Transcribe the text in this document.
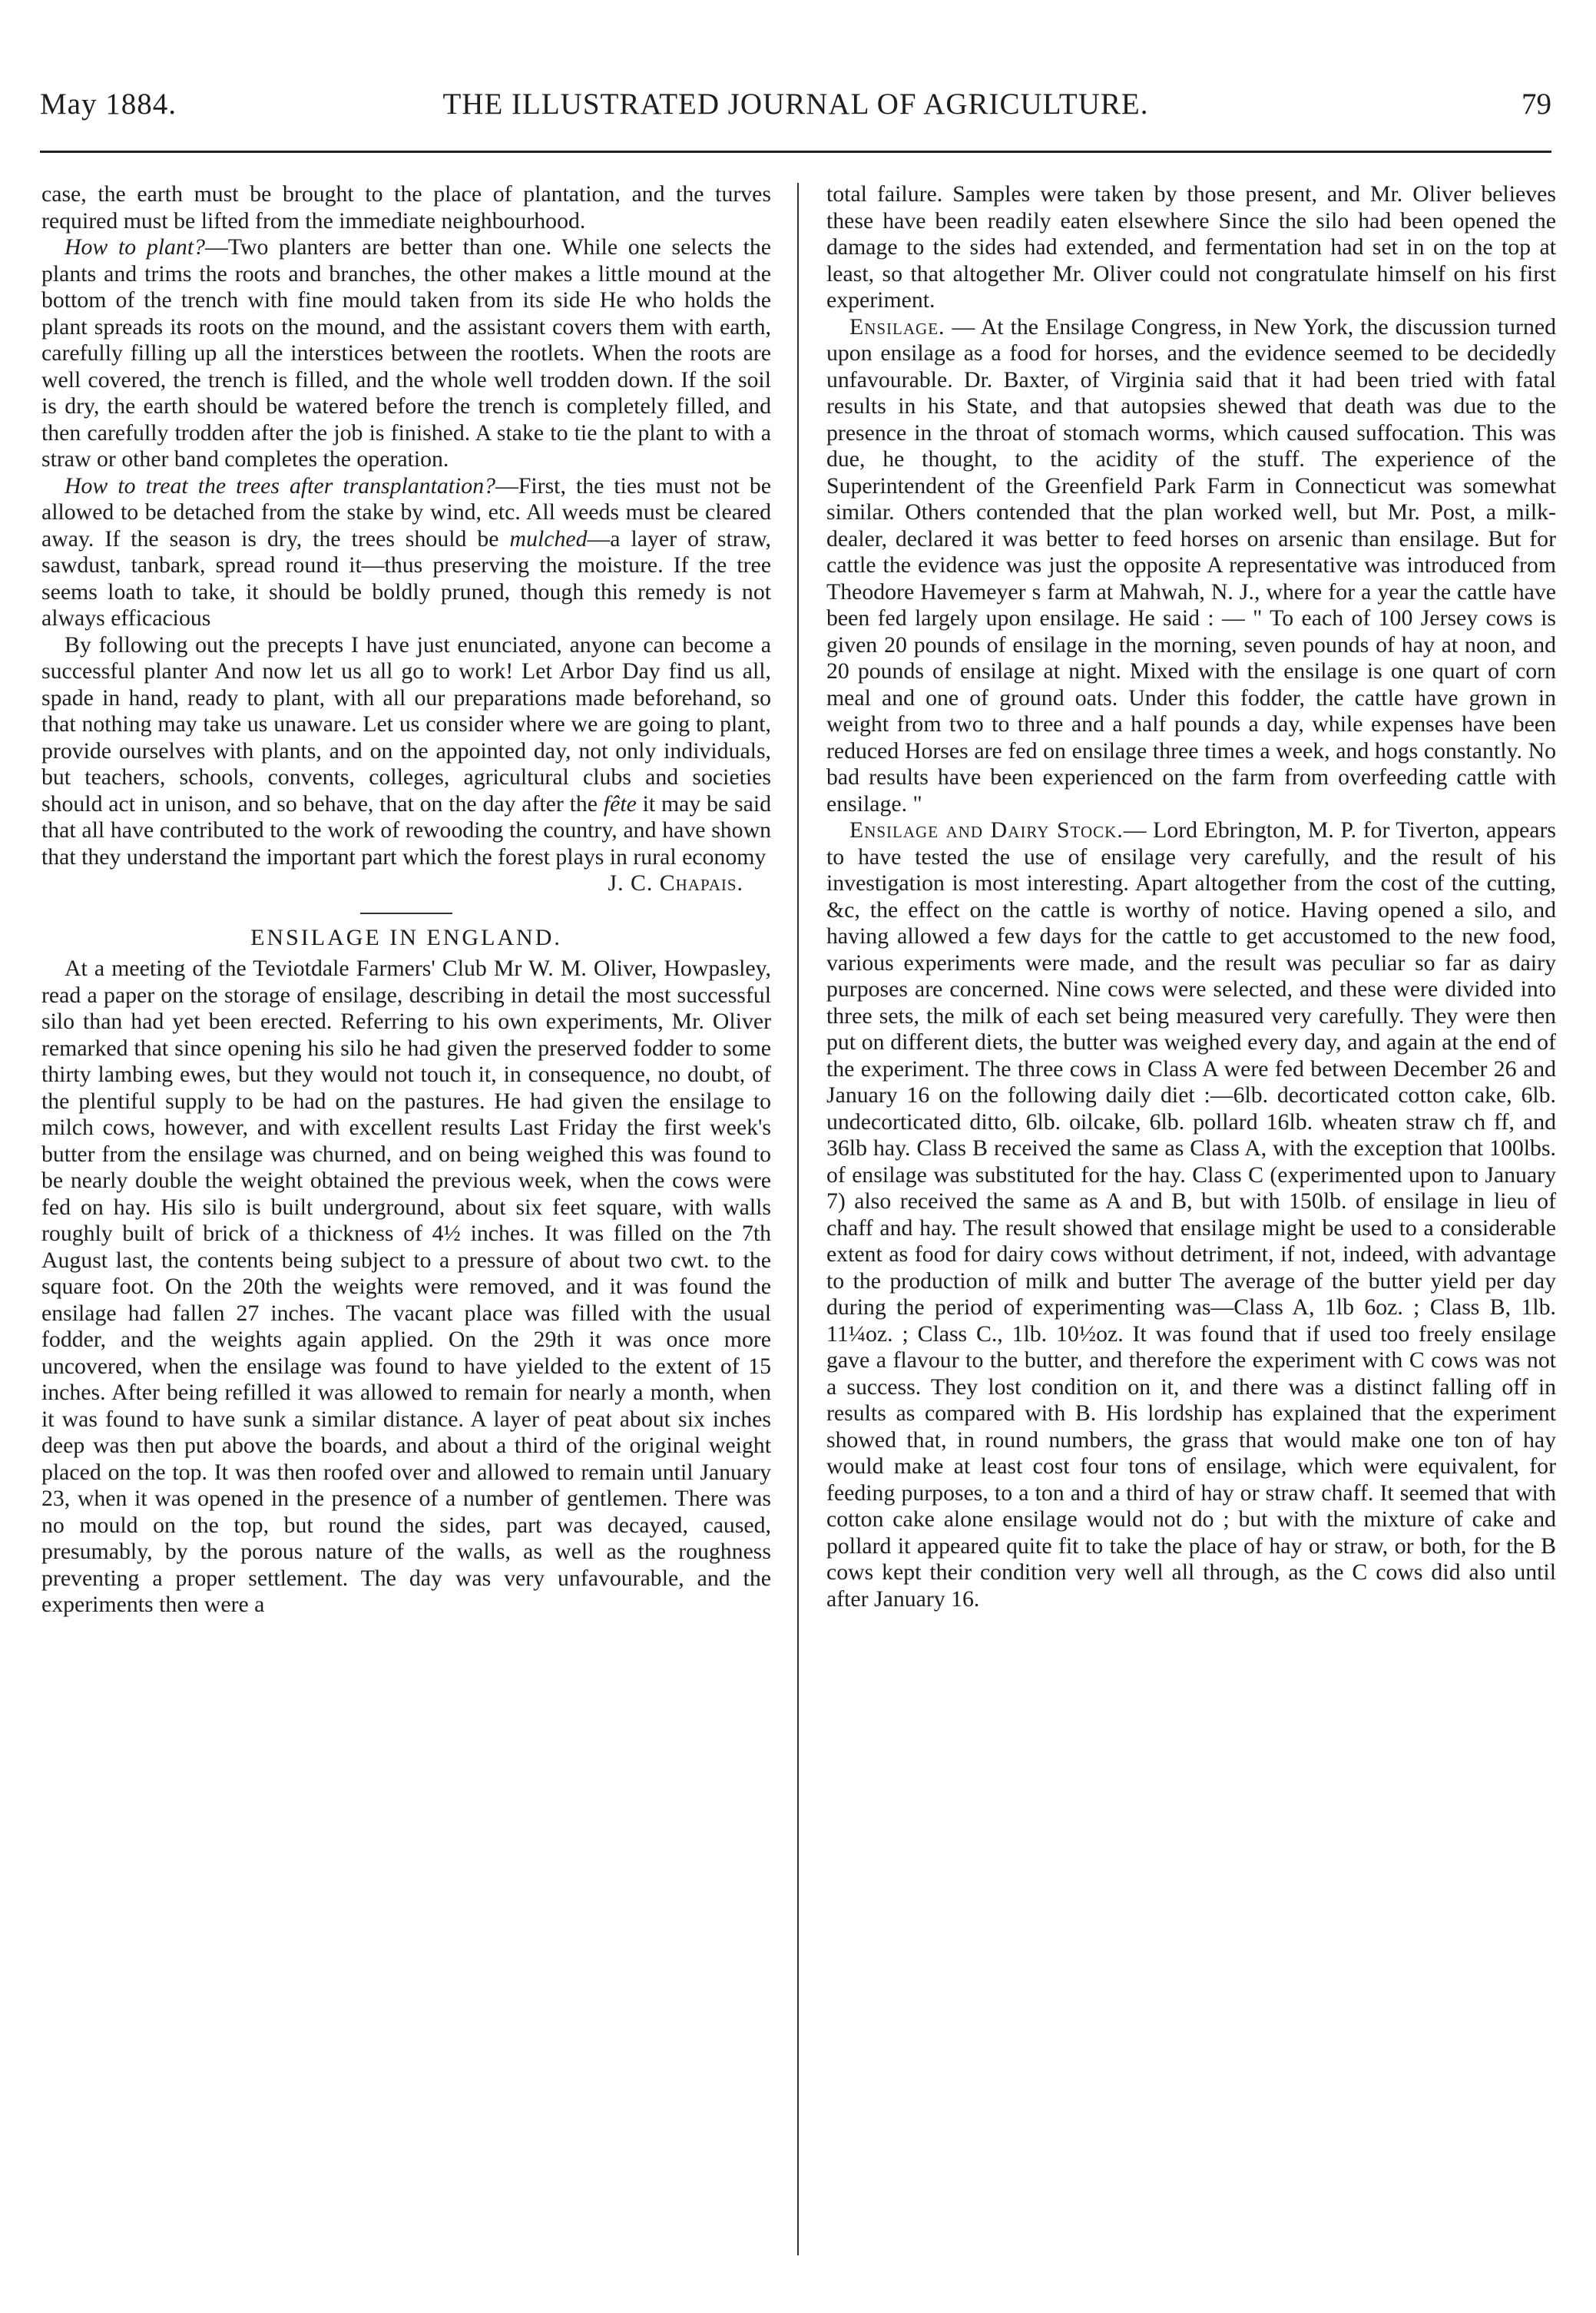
May 1884.	THE ILLUSTRATED JOURNAL OF AGRICULTURE.	79

case, the earth must be brought to the place of plantation, and the turves required must be lifted from the immediate neighbourhood.

How to plant?—Two planters are better than one. While one selects the plants and trims the roots and branches, the other makes a little mound at the bottom of the trench with fine mould taken from its side He who holds the plant spreads its roots on the mound, and the assistant covers them with earth, carefully filling up all the interstices between the rootlets. When the roots are well covered, the trench is filled, and the whole well trodden down. If the soil is dry, the earth should be watered before the trench is completely filled, and then carefully trodden after the job is finished. A stake to tie the plant to with a straw or other band completes the operation.

How to treat the trees after transplantation?—First, the ties must not be allowed to be detached from the stake by wind, etc. All weeds must be cleared away. If the season is dry, the trees should be mulched—a layer of straw, sawdust, tanbark, spread round it—thus preserving the moisture. If the tree seems loath to take, it should be boldly pruned, though this remedy is not always efficacious

By following out the precepts I have just enunciated, anyone can become a successful planter And now let us all go to work! Let Arbor Day find us all, spade in hand, ready to plant, with all our preparations made beforehand, so that nothing may take us unaware. Let us consider where we are going to plant, provide ourselves with plants, and on the appointed day, not only individuals, but teachers, schools, convents, colleges, agricultural clubs and societies should act in unison, and so behave, that on the day after the fête it may be said that all have contributed to the work of rewooding the country, and have shown that they understand the important part which the forest plays in rural economy

J. C. Chapais.

ENSILAGE IN ENGLAND.

At a meeting of the Teviotdale Farmers' Club Mr W. M. Oliver, Howpasley, read a paper on the storage of ensilage, describing in detail the most successful silo than had yet been erected. Referring to his own experiments, Mr. Oliver remarked that since opening his silo he had given the preserved fodder to some thirty lambing ewes, but they would not touch it, in consequence, no doubt, of the plentiful supply to be had on the pastures. He had given the ensilage to milch cows, however, and with excellent results Last Friday the first week's butter from the ensilage was churned, and on being weighed this was found to be nearly double the weight obtained the previous week, when the cows were fed on hay. His silo is built underground, about six feet square, with walls roughly built of brick of a thickness of 4½ inches. It was filled on the 7th August last, the contents being subject to a pressure of about two cwt. to the square foot. On the 20th the weights were removed, and it was found the ensilage had fallen 27 inches. The vacant place was filled with the usual fodder, and the weights again applied. On the 29th it was once more uncovered, when the ensilage was found to have yielded to the extent of 15 inches. After being refilled it was allowed to remain for nearly a month, when it was found to have sunk a similar distance. A layer of peat about six inches deep was then put above the boards, and about a third of the original weight placed on the top. It was then roofed over and allowed to remain until January 23, when it was opened in the presence of a number of gentlemen. There was no mould on the top, but round the sides, part was decayed, caused, presumably, by the porous nature of the walls, as well as the roughness preventing a proper settlement. The day was very unfavourable, and the experiments then were a

total failure. Samples were taken by those present, and Mr. Oliver believes these have been readily eaten elsewhere Since the silo had been opened the damage to the sides had extended, and fermentation had set in on the top at least, so that altogether Mr. Oliver could not congratulate himself on his first experiment.

Ensilage. — At the Ensilage Congress, in New York, the discussion turned upon ensilage as a food for horses, and the evidence seemed to be decidedly unfavourable. Dr. Baxter, of Virginia said that it had been tried with fatal results in his State, and that autopsies shewed that death was due to the presence in the throat of stomach worms, which caused suffocation. This was due, he thought, to the acidity of the stuff. The experience of the Superintendent of the Greenfield Park Farm in Connecticut was somewhat similar. Others contended that the plan worked well, but Mr. Post, a milk-dealer, declared it was better to feed horses on arsenic than ensilage. But for cattle the evidence was just the opposite A representative was introduced from Theodore Havemeyer s farm at Mahwah, N. J., where for a year the cattle have been fed largely upon ensilage. He said : — " To each of 100 Jersey cows is given 20 pounds of ensilage in the morning, seven pounds of hay at noon, and 20 pounds of ensilage at night. Mixed with the ensilage is one quart of corn meal and one of ground oats. Under this fodder, the cattle have grown in weight from two to three and a half pounds a day, while expenses have been reduced Horses are fed on ensilage three times a week, and hogs constantly. No bad results have been experienced on the farm from overfeeding cattle with ensilage. "

Ensilage and Dairy Stock.— Lord Ebrington, M. P. for Tiverton, appears to have tested the use of ensilage very carefully, and the result of his investigation is most interesting. Apart altogether from the cost of the cutting, &c, the effect on the cattle is worthy of notice. Having opened a silo, and having allowed a few days for the cattle to get accustomed to the new food, various experiments were made, and the result was peculiar so far as dairy purposes are concerned. Nine cows were selected, and these were divided into three sets, the milk of each set being measured very carefully. They were then put on different diets, the butter was weighed every day, and again at the end of the experiment. The three cows in Class A were fed between December 26 and January 16 on the following daily diet :—6lb. decorticated cotton cake, 6lb. undecorticated ditto, 6lb. oilcake, 6lb. pollard 16lb. wheaten straw ch ff, and 36lb hay. Class B received the same as Class A, with the exception that 100lbs. of ensilage was substituted for the hay. Class C (experimented upon to January 7) also received the same as A and B, but with 150lb. of ensilage in lieu of chaff and hay. The result showed that ensilage might be used to a considerable extent as food for dairy cows without detriment, if not, indeed, with advantage to the production of milk and butter The average of the butter yield per day during the period of experimenting was—Class A, 1lb 6oz. ; Class B, 1lb. 11¼oz. ; Class C., 1lb. 10½oz. It was found that if used too freely ensilage gave a flavour to the butter, and therefore the experiment with C cows was not a success. They lost condition on it, and there was a distinct falling off in results as compared with B. His lordship has explained that the experiment showed that, in round numbers, the grass that would make one ton of hay would make at least cost four tons of ensilage, which were equivalent, for feeding purposes, to a ton and a third of hay or straw chaff. It seemed that with cotton cake alone ensilage would not do ; but with the mixture of cake and pollard it appeared quite fit to take the place of hay or straw, or both, for the B cows kept their condition very well all through, as the C cows did also until after January 16.
